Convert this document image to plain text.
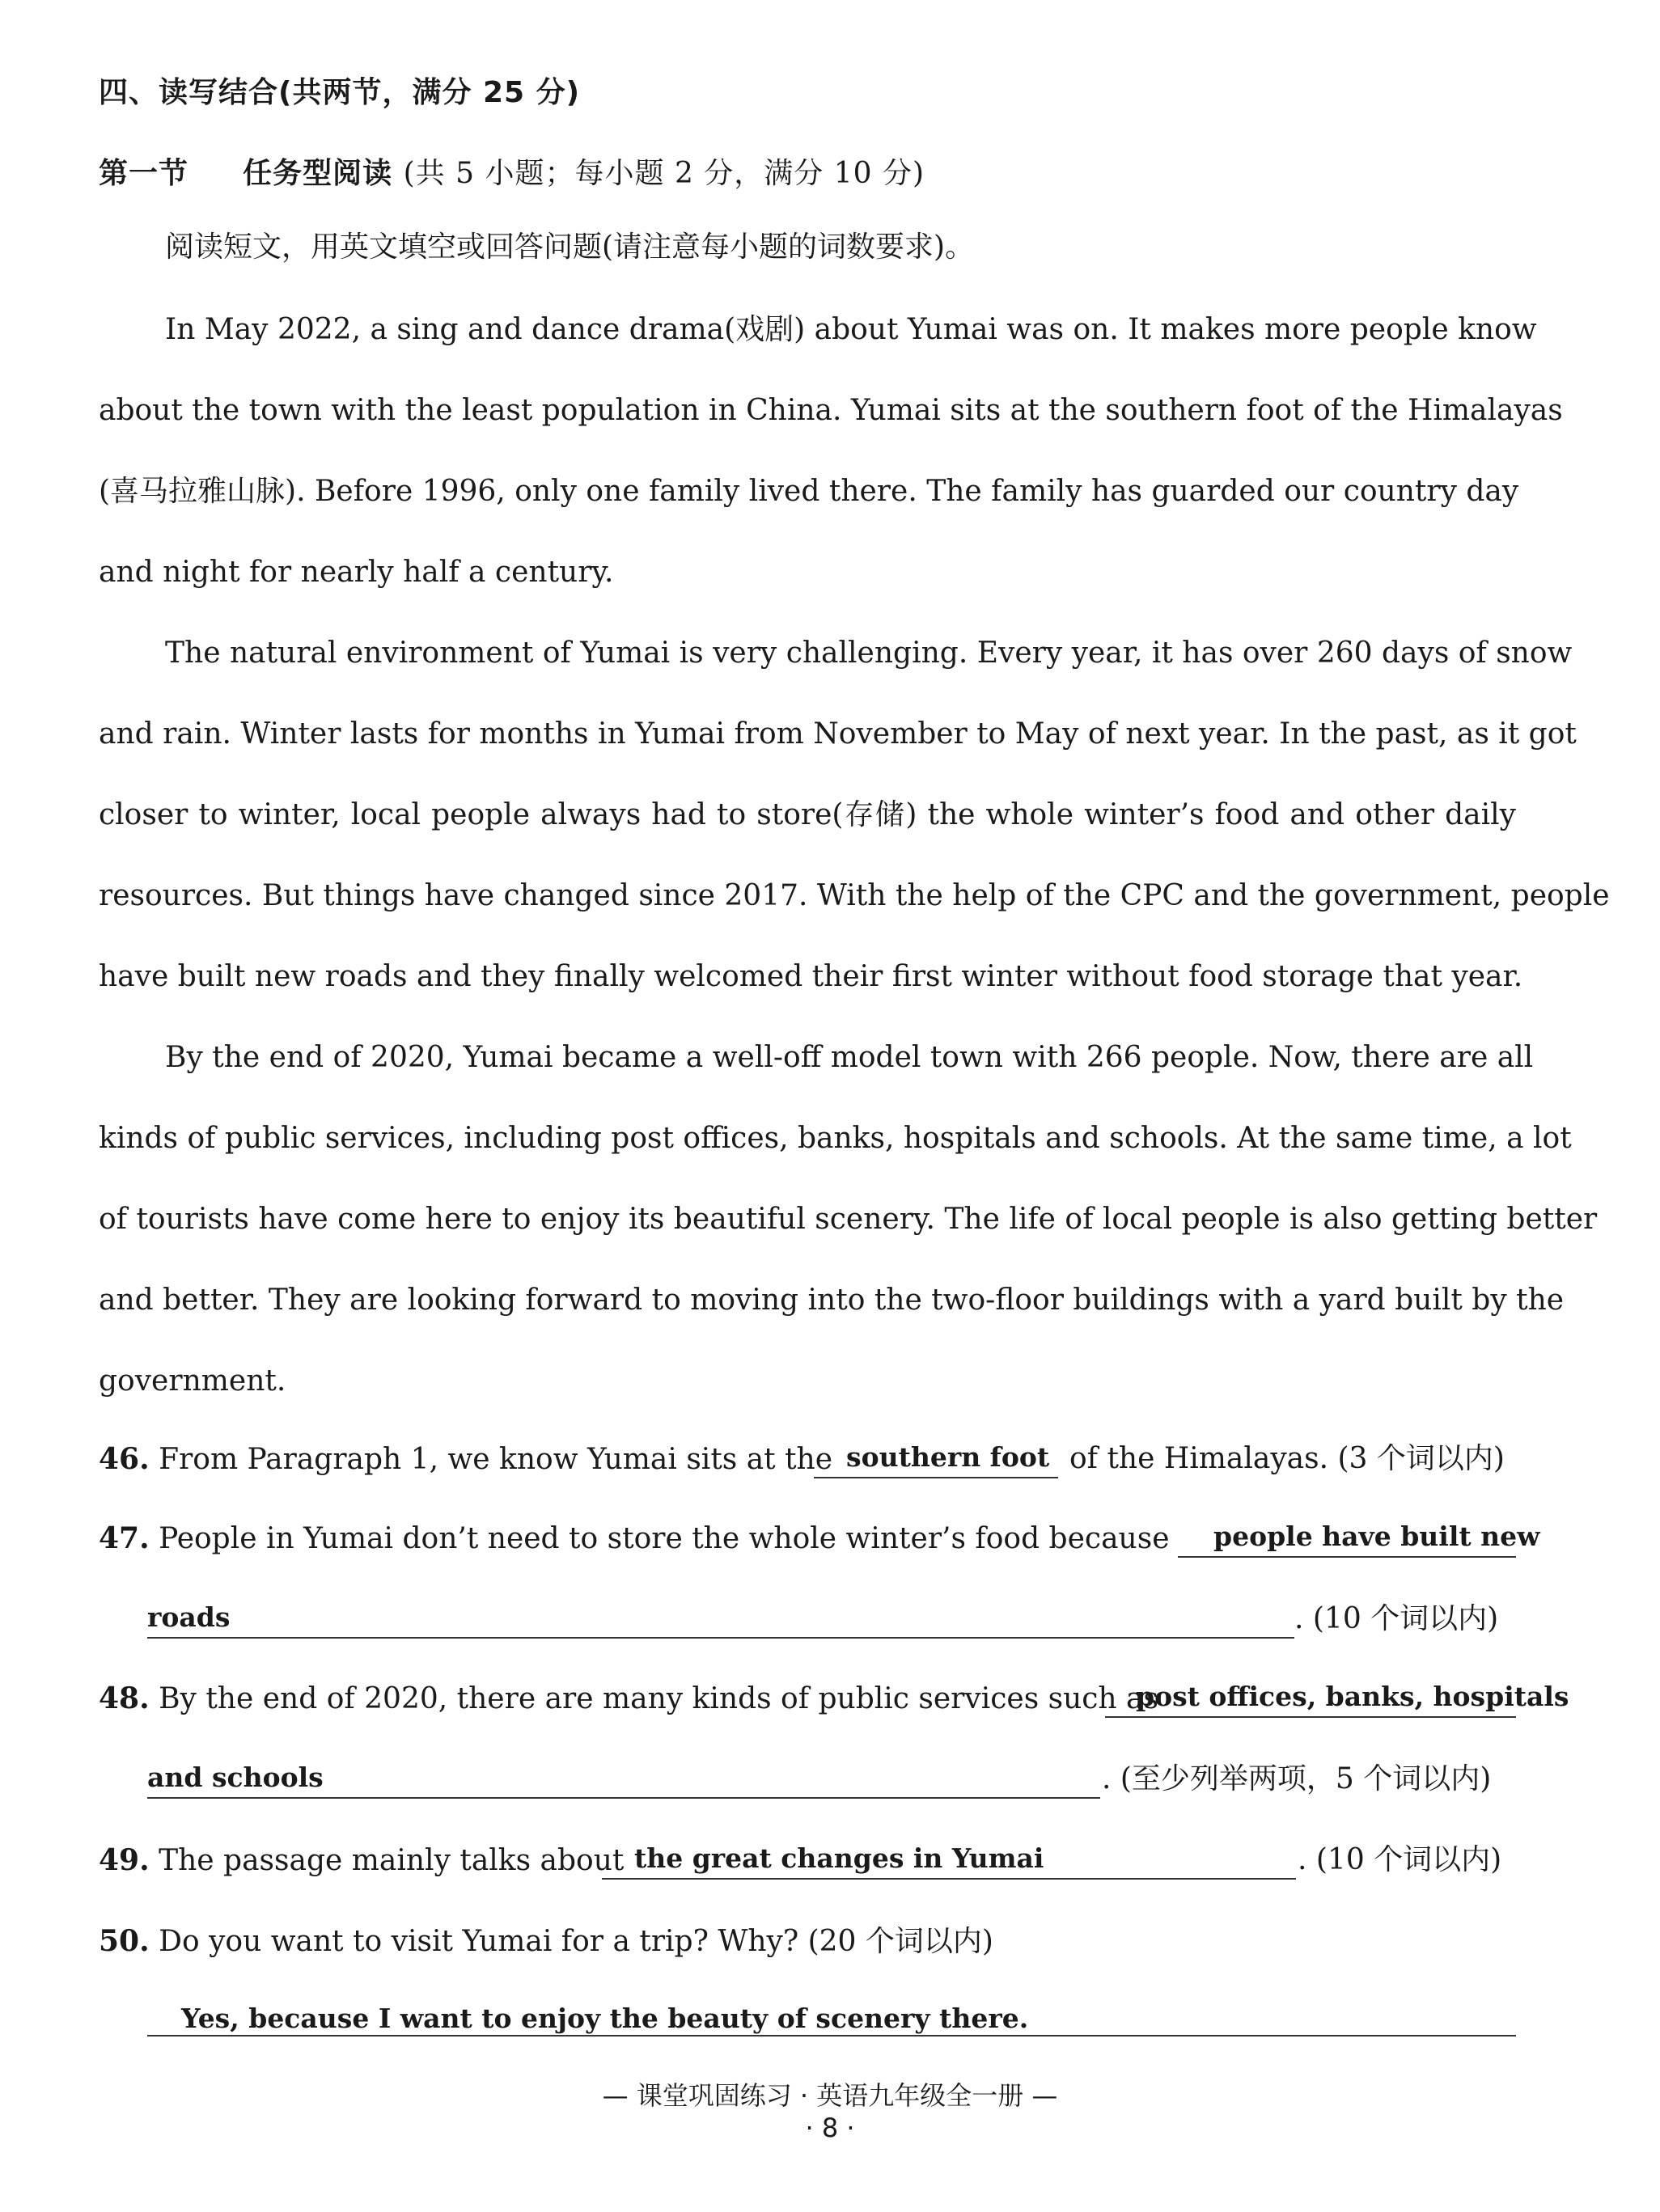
四、读写结合(共两节，满分 25 分)
第一节 任务型阅读 (共 5 小题；每小题 2 分，满分 10 分)
阅读短文，用英文填空或回答问题(请注意每小题的词数要求)。
In May 2022, a sing and dance drama(戏剧) about Yumai was on. It makes more people know
about the town with the least population in China. Yumai sits at the southern foot of the Himalayas
(喜马拉雅山脉). Before 1996, only one family lived there. The family has guarded our country day
and night for nearly half a century.
The natural environment of Yumai is very challenging. Every year, it has over 260 days of snow
and rain. Winter lasts for months in Yumai from November to May of next year. In the past, as it got
closer to winter, local people always had to store(存储) the whole winter’s food and other daily
resources. But things have changed since 2017. With the help of the CPC and the government, people
have built new roads and they finally welcomed their first winter without food storage that year.
By the end of 2020, Yumai became a well-off model town with 266 people. Now, there are all
kinds of public services, including post offices, banks, hospitals and schools. At the same time, a lot
of tourists have come here to enjoy its beautiful scenery. The life of local people is also getting better
and better. They are looking forward to moving into the two-floor buildings with a yard built by the
government.
46. From Paragraph 1, we know Yumai sits at the southern foot of the Himalayas. (3 个词以内)
47. People in Yumai don’t need to store the whole winter’s food because people have built new
roads	. (10 个词以内)
48. By the end of 2020, there are many kinds of public services such as
post offices, banks, hospitals
and schools	. (至少列举两项，5 个词以内)
49. The passage mainly talks about the great changes in Yumai	. (10 个词以内)
50. Do you want to visit Yumai for a trip? Why? (20 个词以内)
Yes, because I want to enjoy the beauty of scenery there.
— 课堂巩固练习 · 英语九年级全一册 —
· 8 ·
